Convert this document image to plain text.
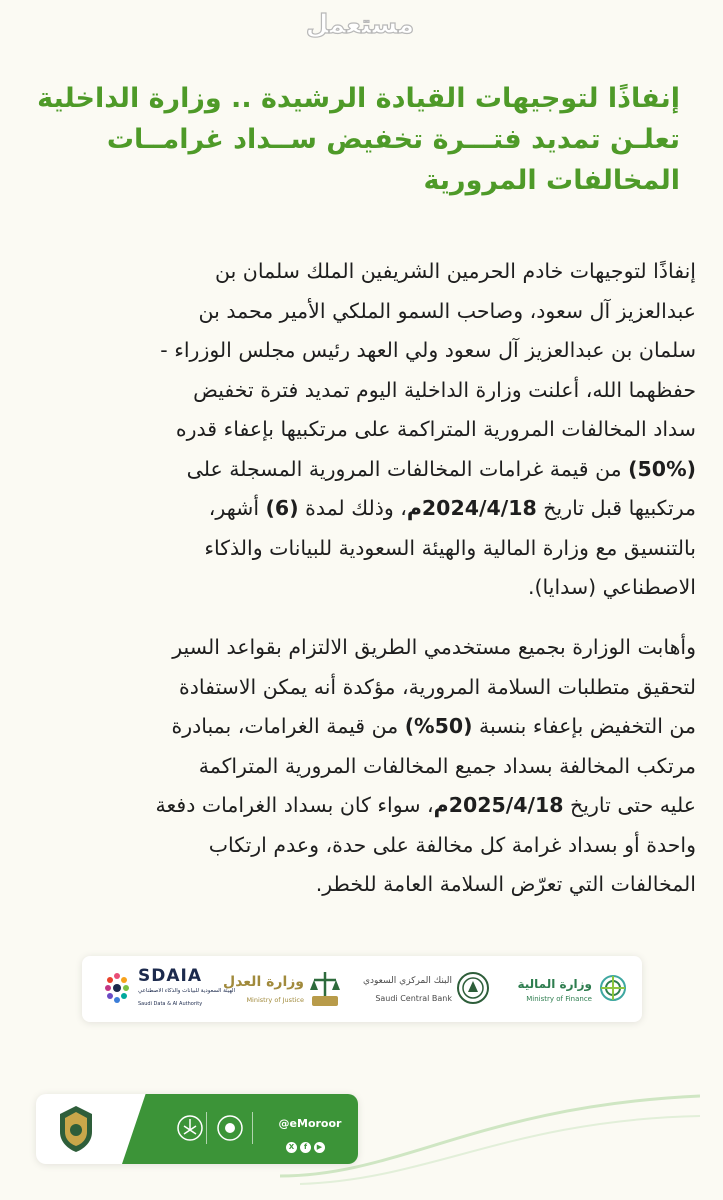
مستعمل
إنفاذًا لتوجيهات القيادة الرشيدة .. وزارة الداخلية
تعلـن تمديد فتـــرة تخفيض ســداد غرامــات
المخالفات المرورية
إنفاذًا لتوجيهات خادم الحرمين الشريفين الملك سلمان بن
عبدالعزيز آل سعود، وصاحب السمو الملكي الأمير محمد بن
سلمان بن عبدالعزيز آل سعود ولي العهد رئيس مجلس الوزراء -
حفظهما الله، أعلنت وزارة الداخلية اليوم تمديد فترة تخفيض
سداد المخالفات المرورية المتراكمة على مرتكبيها بإعفاء قدره
(50%) من قيمة غرامات المخالفات المرورية المسجلة على
مرتكبيها قبل تاريخ 2024/4/18م، وذلك لمدة (6) أشهر،
بالتنسيق مع وزارة المالية والهيئة السعودية للبيانات والذكاء
الاصطناعي (سدايا).
وأهابت الوزارة بجميع مستخدمي الطريق الالتزام بقواعد السير
لتحقيق متطلبات السلامة المرورية، مؤكدة أنه يمكن الاستفادة
من التخفيض بإعفاء بنسبة (50%) من قيمة الغرامات، بمبادرة
مرتكب المخالفة بسداد جميع المخالفات المرورية المتراكمة
عليه حتى تاريخ 2025/4/18م، سواء كان بسداد الغرامات دفعة
واحدة أو بسداد غرامة كل مخالفة على حدة، وعدم ارتكاب
المخالفات التي تعرّض السلامة العامة للخطر.
وزارة المالية
Ministry of Finance
البنك المركزي السعودي
Saudi Central Bank
وزارة العدل
Ministry of Justice
SDAIA
الهيئة السعودية للبيانات والذكاء الاصطناعي
Saudi Data & AI Authority
@eMoroor
X f ▶
